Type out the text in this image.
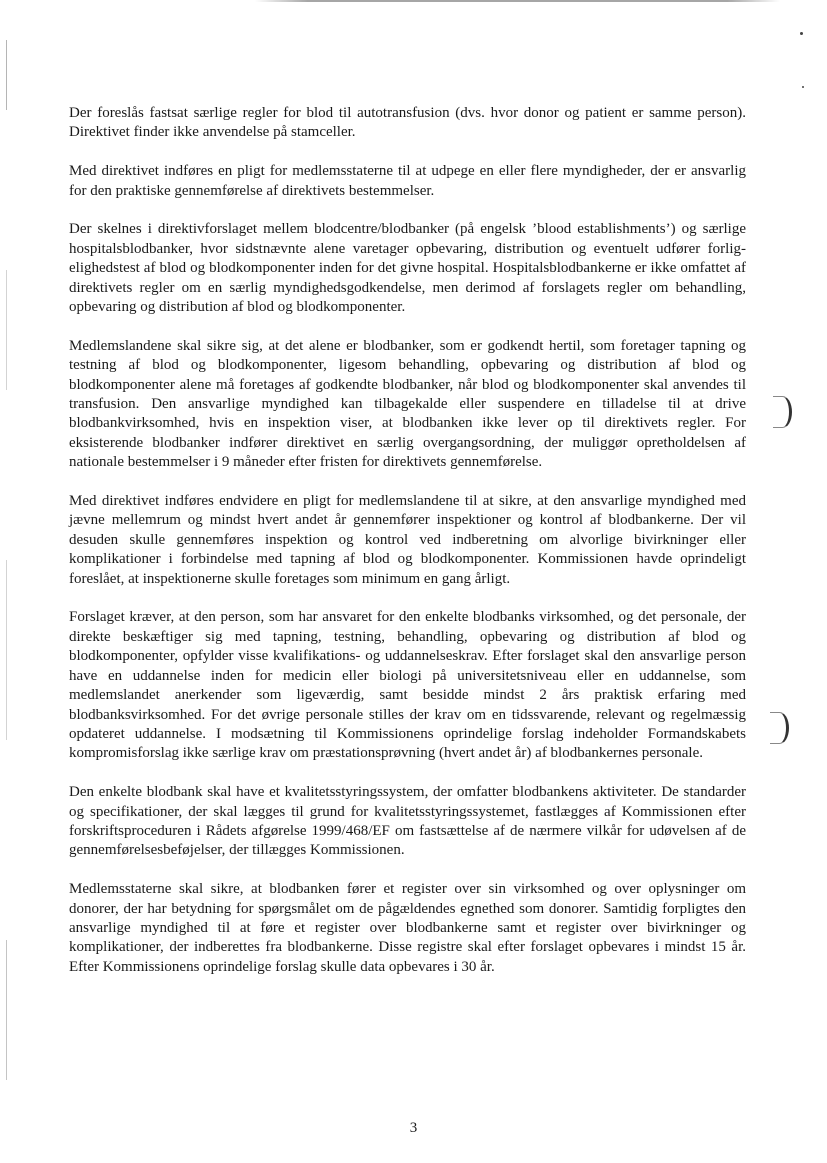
Der foreslås fastsat særlige regler for blod til autotransfusion (dvs. hvor donor og patient er samme person). Direktivet finder ikke anvendelse på stamceller.

Med direktivet indføres en pligt for medlemsstaterne til at udpege en eller flere myndigheder, der er ansvarlig for den praktiske gennemførelse af direktivets bestemmelser.

Der skelnes i direktivforslaget mellem blodcentre/blodbanker (på engelsk ’blood establishments’) og særlige hospitalsblodbanker, hvor sidstnævnte alene varetager opbevaring, distribution og eventuelt udfører forligelighedstest af blod og blodkomponenter inden for det givne hospital. Hospitalsblodbankerne er ikke omfattet af direktivets regler om en særlig myndighedsgodkendelse, men derimod af forslagets regler om behandling, opbevaring og distribution af blod og blodkomponenter.

Medlemslandene skal sikre sig, at det alene er blodbanker, som er godkendt hertil, som foretager tapning og testning af blod og blodkomponenter, ligesom behandling, opbevaring og distribution af blod og blodkomponenter alene må foretages af godkendte blodbanker, når blod og blodkomponenter skal anvendes til transfusion. Den ansvarlige myndighed kan tilbagekalde eller suspendere en tilladelse til at drive blodbankvirksomhed, hvis en inspektion viser, at blodbanken ikke lever op til direktivets regler. For eksisterende blodbanker indfører direktivet en særlig overgangsordning, der muliggør opretholdelsen af nationale bestemmelser i 9 måneder efter fristen for direktivets gennemførelse.

Med direktivet indføres endvidere en pligt for medlemslandene til at sikre, at den ansvarlige myndighed med jævne mellemrum og mindst hvert andet år gennemfører inspektioner og kontrol af blodbankerne. Der vil desuden skulle gennemføres inspektion og kontrol ved indberetning om alvorlige bivirkninger eller komplikationer i forbindelse med tapning af blod og blodkomponenter. Kommissionen havde oprindeligt foreslået, at inspektionerne skulle foretages som minimum en gang årligt.

Forslaget kræver, at den person, som har ansvaret for den enkelte blodbanks virksomhed, og det personale, der direkte beskæftiger sig med tapning, testning, behandling, opbevaring og distribution af blod og blodkomponenter, opfylder visse kvalifikations- og uddannelseskrav. Efter forslaget skal den ansvarlige person have en uddannelse inden for medicin eller biologi på universitetsniveau eller en uddannelse, som medlemslandet anerkender som ligeværdig, samt besidde mindst 2 års praktisk erfaring med blodbanksvirksomhed. For det øvrige personale stilles der krav om en tidssvarende, relevant og regelmæssig opdateret uddannelse. I modsætning til Kommissionens oprindelige forslag indeholder Formandskabets kompromisforslag ikke særlige krav om præstationsprøvning (hvert andet år) af blodbankernes personale.

Den enkelte blodbank skal have et kvalitetsstyringssystem, der omfatter blodbankens aktiviteter. De standarder og specifikationer, der skal lægges til grund for kvalitetsstyringssystemet, fastlægges af Kommissionen efter forskriftsproceduren i Rådets afgørelse 1999/468/EF om fastsættelse af de nærmere vilkår for udøvelsen af de gennemførelsesbeføjelser, der tillægges Kommissionen.

Medlemsstaterne skal sikre, at blodbanken fører et register over sin virksomhed og over oplysninger om donorer, der har betydning for spørgsmålet om de pågældendes egnethed som donorer. Samtidig forpligtes den ansvarlige myndighed til at føre et register over blodbankerne samt et register over bivirkninger og komplikationer, der indberettes fra blodbankerne. Disse registre skal efter forslaget opbevares i mindst 15 år. Efter Kommissionens oprindelige forslag skulle data opbevares i 30 år.

3
